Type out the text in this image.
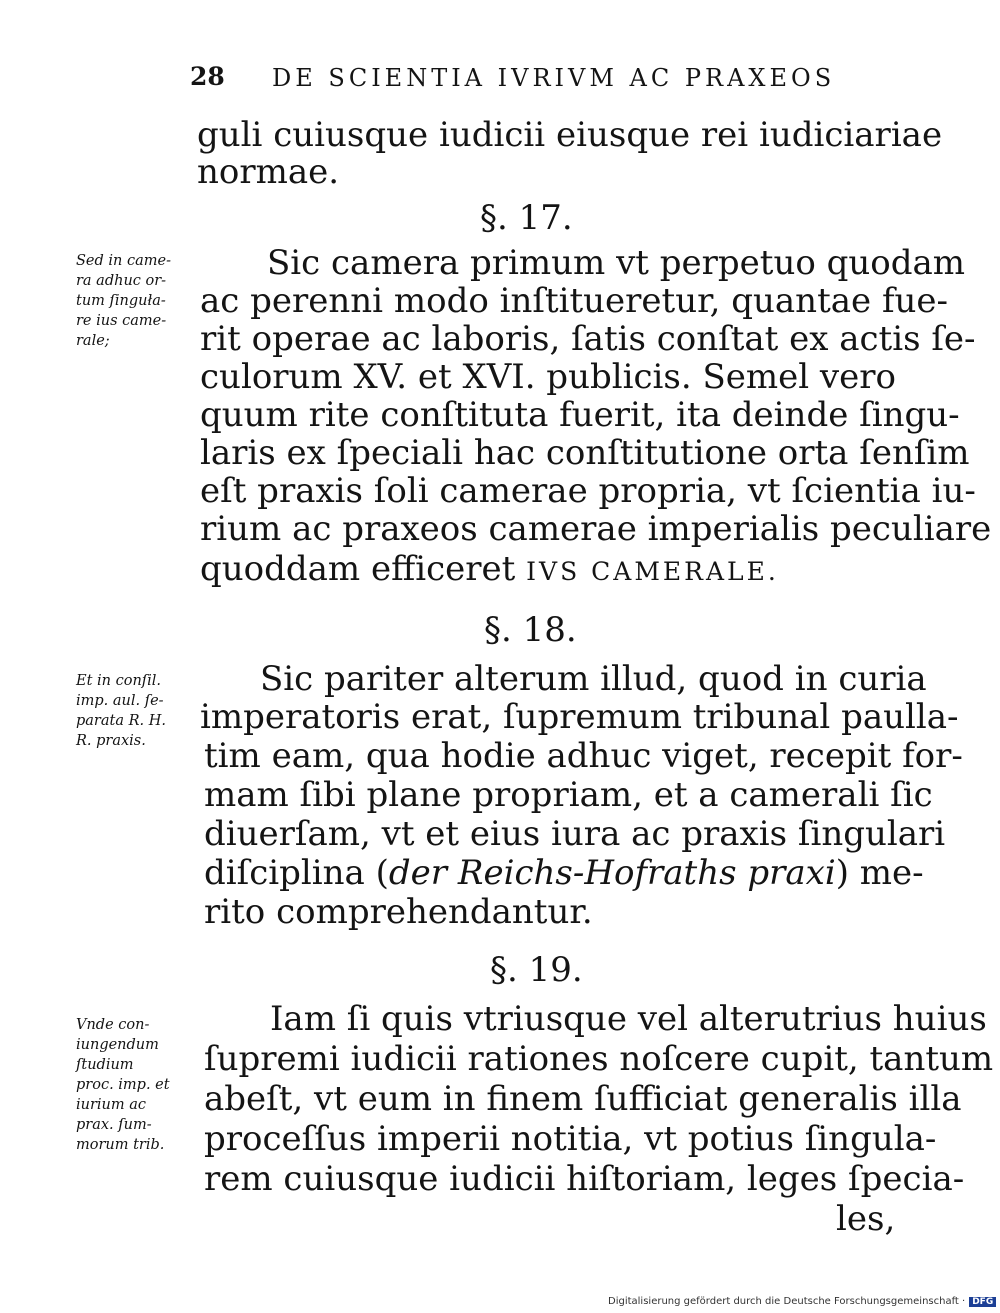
28 DE SCIENTIA IVRIVM AC PRAXEOS
guli cuiusque iudicii eiusque rei iudiciariae
normae.
§. 17.
Sic camera primum vt perpetuo quodam
ac perenni modo inſtitueretur, quantae fue-
rit operae ac laboris, ſatis conſtat ex actis ſe-
culorum XV. et XVI. publicis. Semel vero
quum rite conſtituta fuerit, ita deinde ſingu-
laris ex ſpeciali hac conſtitutione orta ſenſim
eſt praxis ſoli camerae propria, vt ſcientia iu-
rium ac praxeos camerae imperialis peculiare
quoddam efficeret IVS CAMERALE.
§. 18.
Sic pariter alterum illud, quod in curia
imperatoris erat, ſupremum tribunal paulla-
tim eam, qua hodie adhuc viget, recepit for-
mam ſibi plane propriam, et a camerali ſic
diuerſam, vt et eius iura ac praxis ſingulari
diſciplina (der Reichs-Hofraths praxi) me-
rito comprehendantur.
§. 19.
Iam ſi quis vtriusque vel alterutrius huius
ſupremi iudicii rationes noſcere cupit, tantum
abeſt, vt eum in finem ſufficiat generalis illa
proceſſus imperii notitia, vt potius ſingula-
rem cuiusque iudicii hiſtoriam, leges ſpecia-
les,
Sed in came-
ra adhuc or-
tum ſinguła-
re ius came-
rale;
Et in conſil.
imp. aul. ſe-
parata R. H.
R. praxis.
Vnde con-
iungendum
ſtudium
proc. imp. et
iurium ac
prax. ſum-
morum trib.
Digitalisierung gefördert durch die Deutsche Forschungsgemeinschaft · DFG
